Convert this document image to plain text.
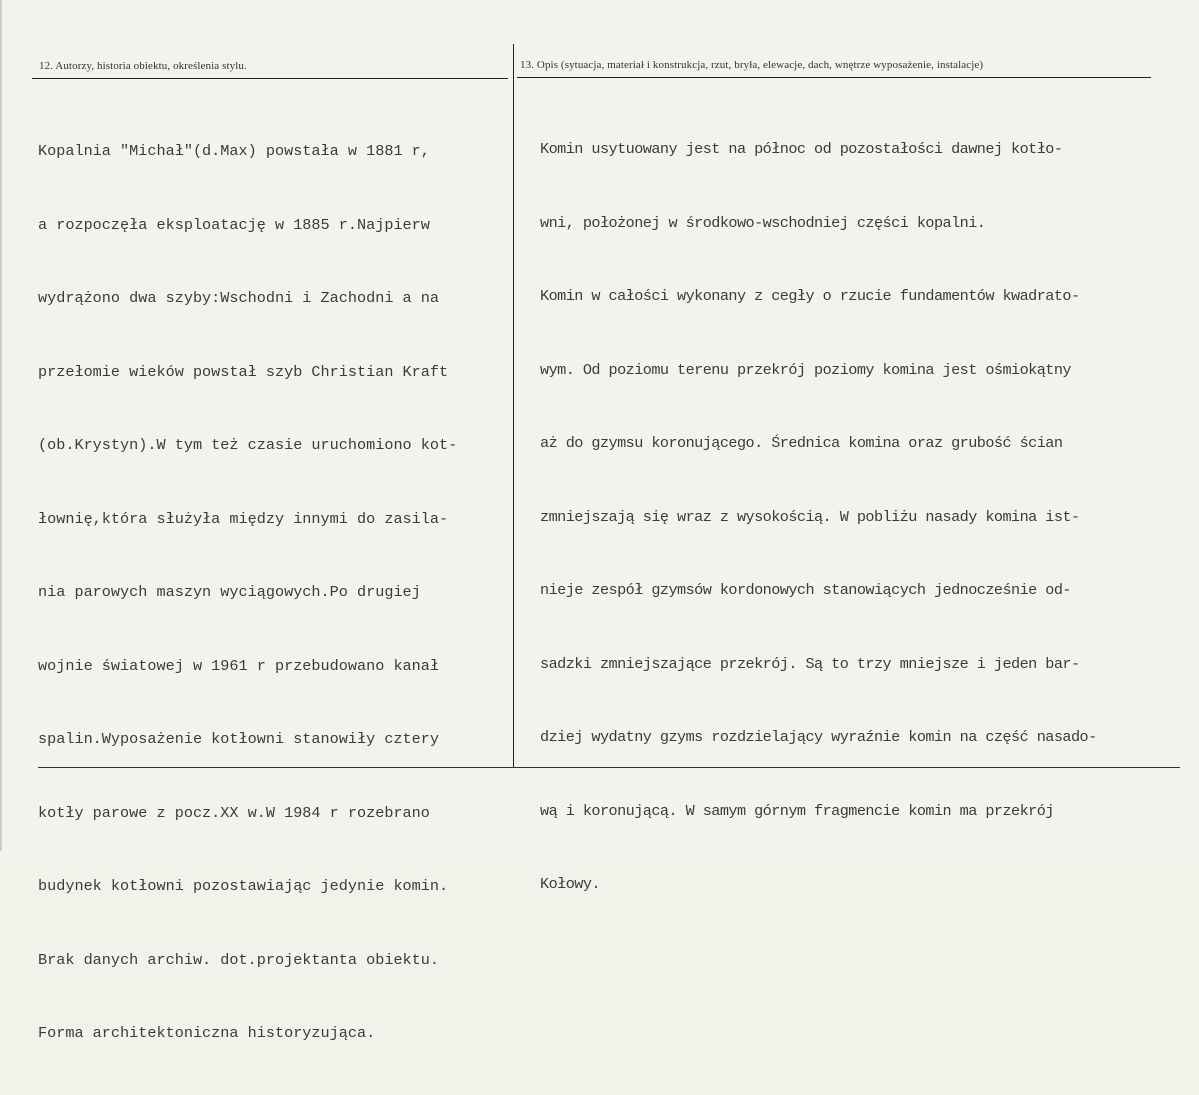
12. Autorzy, historia obiektu, określenia stylu.	13. Opis (sytuacja, materiał i konstrukcja, rzut, bryła, elewacje, dach, wnętrze wyposażenie, instalacje)

Kopalnia "Michał"(d.Max) powstała w 1881 r,

a rozpoczęła eksploatację w 1885 r.Najpierw

wydrążono dwa szyby:Wschodni i Zachodni a na

przełomie wieków powstał szyb Christian Kraft

(ob.Krystyn).W tym też czasie uruchomiono kot-

łownię,która służyła między innymi do zasila-

nia parowych maszyn wyciągowych.Po drugiej

wojnie światowej w 1961 r przebudowano kanał

spalin.Wyposażenie kotłowni stanowiły cztery

kotły parowe z pocz.XX w.W 1984 r rozebrano

budynek kotłowni pozostawiając jedynie komin.

Brak danych archiw. dot.projektanta obiektu.

Forma architektoniczna historyzująca.

Komin usytuowany jest na północ od pozostałości dawnej kotło-

wni, położonej w środkowo-wschodniej części kopalni.

Komin w całości wykonany z cegły o rzucie fundamentów kwadrato-

wym. Od poziomu terenu przekrój poziomy komina jest ośmiokątny

aż do gzymsu koronującego. Średnica komina oraz grubość ścian

zmniejszają się wraz z wysokością. W pobliżu nasady komina ist-

nieje zespół gzymsów kordonowych stanowiących jednocześnie od-

sadzki zmniejszające przekrój. Są to trzy mniejsze i jeden bar-

dziej wydatny gzyms rozdzielający wyraźnie komin na część nasado-

wą i koronującą. W samym górnym fragmencie komin ma przekrój

Kołowy.
